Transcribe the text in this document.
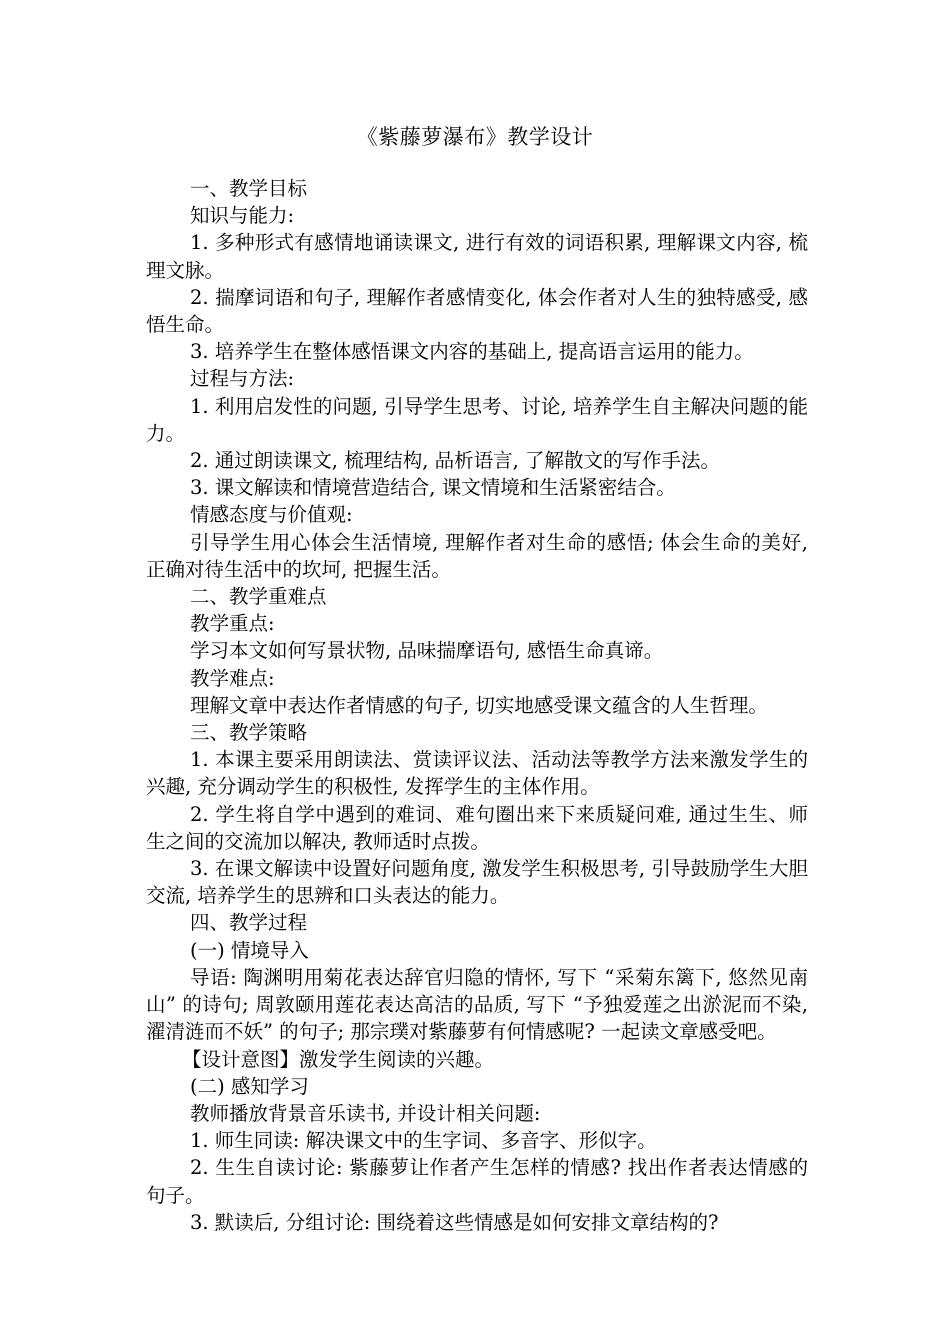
《紫藤萝瀑布》教学设计

一、教学目标

知识与能力:

1. 多种形式有感情地诵读课文, 进行有效的词语积累, 理解课文内容, 梳理文脉。

2. 揣摩词语和句子, 理解作者感情变化, 体会作者对人生的独特感受, 感悟生命。

3. 培养学生在整体感悟课文内容的基础上, 提高语言运用的能力。

过程与方法:

1. 利用启发性的问题, 引导学生思考、讨论, 培养学生自主解决问题的能力。

2. 通过朗读课文, 梳理结构, 品析语言, 了解散文的写作手法。

3. 课文解读和情境营造结合, 课文情境和生活紧密结合。

情感态度与价值观:

引导学生用心体会生活情境, 理解作者对生命的感悟; 体会生命的美好, 正确对待生活中的坎坷, 把握生活。

二、教学重难点

教学重点:

学习本文如何写景状物, 品味揣摩语句, 感悟生命真谛。

教学难点:

理解文章中表达作者情感的句子, 切实地感受课文蕴含的人生哲理。

三、教学策略

1. 本课主要采用朗读法、赏读评议法、活动法等教学方法来激发学生的兴趣, 充分调动学生的积极性, 发挥学生的主体作用。

2. 学生将自学中遇到的难词、难句圈出来下来质疑问难, 通过生生、师生之间的交流加以解决, 教师适时点拨。

3. 在课文解读中设置好问题角度, 激发学生积极思考, 引导鼓励学生大胆交流, 培养学生的思辨和口头表达的能力。

四、教学过程

(一) 情境导入

导语: 陶渊明用菊花表达辞官归隐的情怀, 写下 “采菊东篱下, 悠然见南山” 的诗句; 周敦颐用莲花表达高洁的品质, 写下 “予独爱莲之出淤泥而不染, 濯清涟而不妖” 的句子; 那宗璞对紫藤萝有何情感呢? 一起读文章感受吧。

【设计意图】激发学生阅读的兴趣。

(二) 感知学习

教师播放背景音乐读书, 并设计相关问题:

1. 师生同读: 解决课文中的生字词、多音字、形似字。

2. 生生自读讨论: 紫藤萝让作者产生怎样的情感? 找出作者表达情感的句子。

3. 默读后, 分组讨论: 围绕着这些情感是如何安排文章结构的?
